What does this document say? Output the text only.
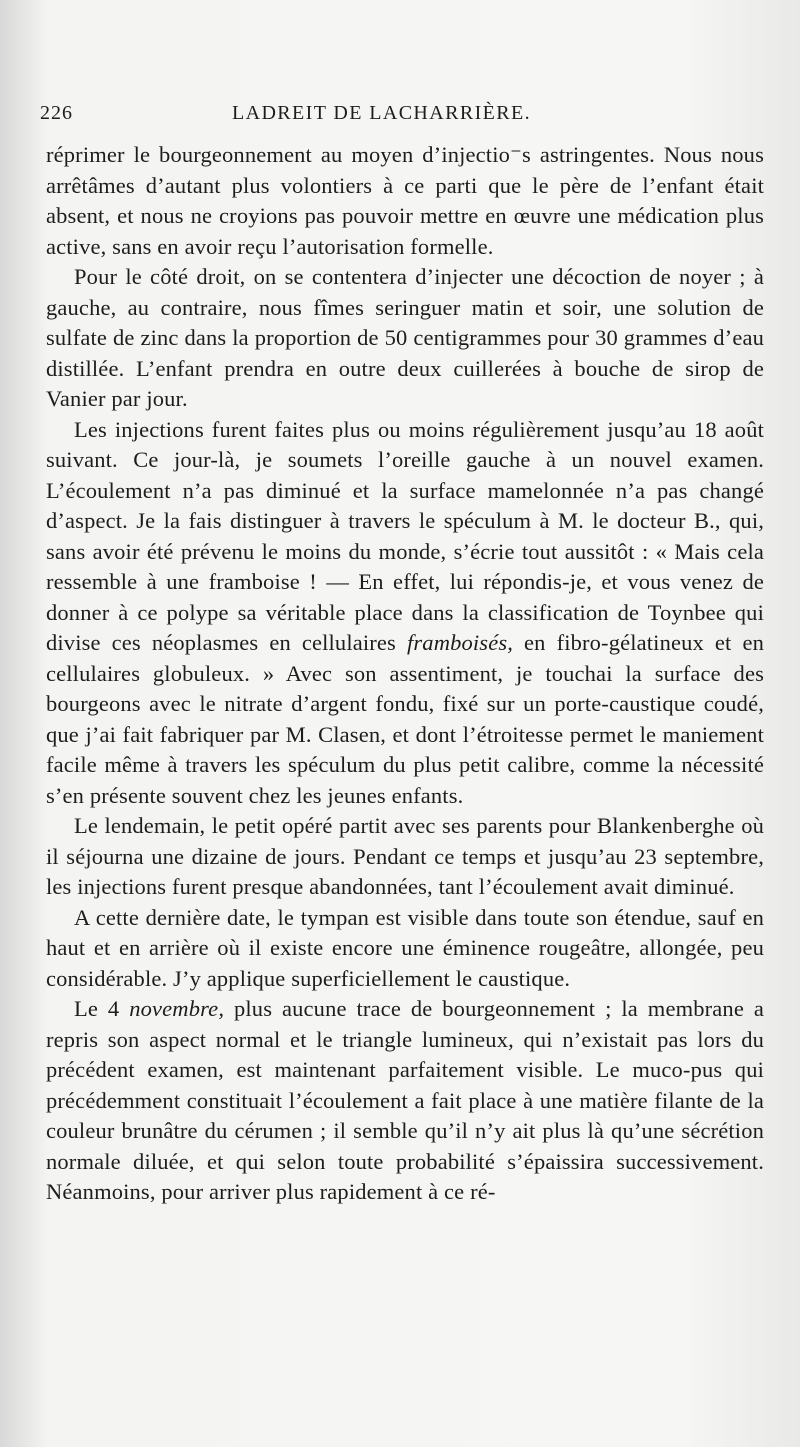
226	LADREIT DE LACHARRIÈRE.

réprimer le bourgeonnement au moyen d’injectio⁻s astringentes. Nous nous arrêtâmes d’autant plus volontiers à ce parti que le père de l’enfant était absent, et nous ne croyions pas pouvoir mettre en œuvre une médication plus active, sans en avoir reçu l’autorisation formelle.

Pour le côté droit, on se contentera d’injecter une décoction de noyer ; à gauche, au contraire, nous fîmes seringuer matin et soir, une solution de sulfate de zinc dans la proportion de 50 centigrammes pour 30 grammes d’eau distillée. L’enfant prendra en outre deux cuillerées à bouche de sirop de Vanier par jour.

Les injections furent faites plus ou moins régulièrement jusqu’au 18 août suivant. Ce jour-là, je soumets l’oreille gauche à un nouvel examen. L’écoulement n’a pas diminué et la surface mamelonnée n’a pas changé d’aspect. Je la fais distinguer à travers le spéculum à M. le docteur B., qui, sans avoir été prévenu le moins du monde, s’écrie tout aussitôt : « Mais cela ressemble à une framboise ! — En effet, lui répondis-je, et vous venez de donner à ce polype sa véritable place dans la classification de Toynbee qui divise ces néoplasmes en cellulaires framboisés, en fibro-gélatineux et en cellulaires globuleux. » Avec son assentiment, je touchai la surface des bourgeons avec le nitrate d’argent fondu, fixé sur un porte-caustique coudé, que j’ai fait fabriquer par M. Clasen, et dont l’étroitesse permet le maniement facile même à travers les spéculum du plus petit calibre, comme la nécessité s’en présente souvent chez les jeunes enfants.

Le lendemain, le petit opéré partit avec ses parents pour Blankenberghe où il séjourna une dizaine de jours. Pendant ce temps et jusqu’au 23 septembre, les injections furent presque abandonnées, tant l’écoulement avait diminué.

A cette dernière date, le tympan est visible dans toute son étendue, sauf en haut et en arrière où il existe encore une éminence rougeâtre, allongée, peu considérable. J’y applique superficiellement le caustique.

Le 4 novembre, plus aucune trace de bourgeonnement ; la membrane a repris son aspect normal et le triangle lumineux, qui n’existait pas lors du précédent examen, est maintenant parfaitement visible. Le muco-pus qui précédemment constituait l’écoulement a fait place à une matière filante de la couleur brunâtre du cérumen ; il semble qu’il n’y ait plus là qu’une sécrétion normale diluée, et qui selon toute probabilité s’épaissira successivement. Néanmoins, pour arriver plus rapidement à ce ré-
